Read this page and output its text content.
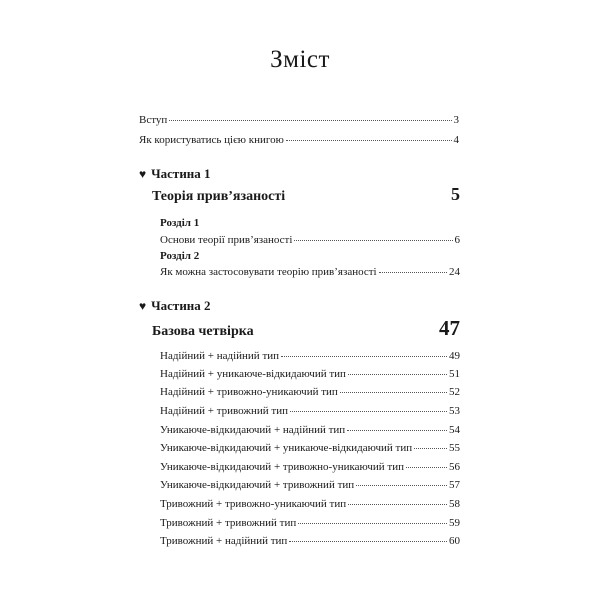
Зміст
Вступ	3
Як користуватись цією книгою	4
♥ Частина 1
Теорія прив’язаності	5
Розділ 1
Основи теорії прив’язаності	6
Розділ 2
Як можна застосовувати теорію прив’язаності	24
♥ Частина 2
Базова четвірка	47
Надійний + надійний тип	49
Надійний + уникаюче-відкидаючий тип	51
Надійний + тривожно-уникаючий тип	52
Надійний + тривожний тип	53
Уникаюче-відкидаючий + надійний тип	54
Уникаюче-відкидаючий + уникаюче-відкидаючий тип	55
Уникаюче-відкидаючий + тривожно-уникаючий тип	56
Уникаюче-відкидаючий + тривожний тип	57
Тривожний + тривожно-уникаючий тип	58
Тривожний + тривожний тип	59
Тривожний + надійний тип	60
